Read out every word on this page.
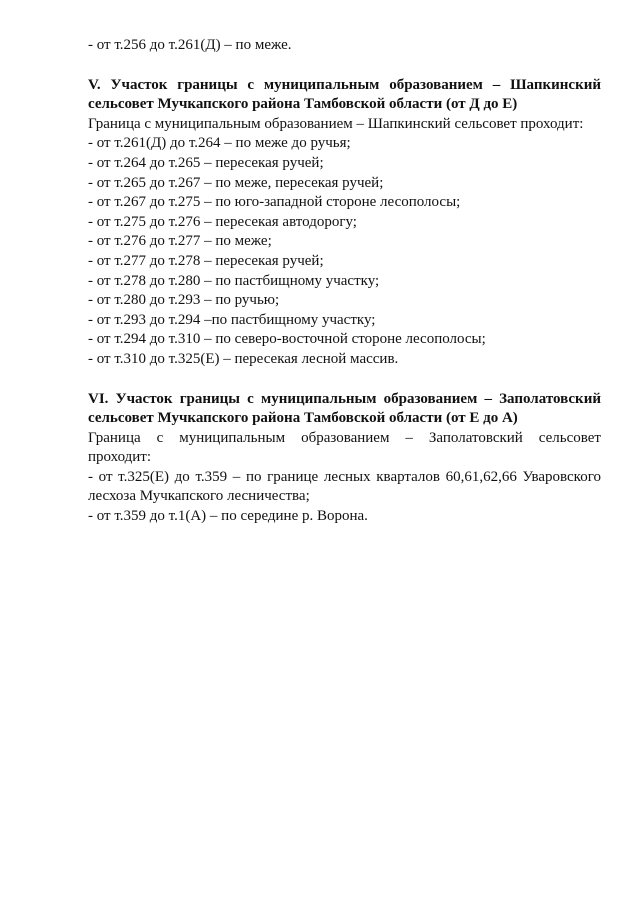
- от т.256 до т.261(Д) – по меже.
V. Участок границы с муниципальным образованием – Шапкинский
сельсовет Мучкапского района Тамбовской области (от Д до Е)
Граница с муниципальным образованием – Шапкинский сельсовет проходит:
- от т.261(Д) до т.264 – по меже до ручья;
- от т.264 до т.265 – пересекая ручей;
- от т.265 до т.267 – по меже, пересекая ручей;
- от т.267 до т.275 – по юго-западной стороне лесополосы;
- от т.275 до т.276 – пересекая автодорогу;
- от т.276 до т.277 – по меже;
- от т.277 до т.278 – пересекая ручей;
- от т.278 до т.280 – по пастбищному участку;
- от т.280 до т.293 – по ручью;
- от т.293 до т.294 –по пастбищному участку;
- от т.294 до т.310 – по северо-восточной стороне лесополосы;
- от т.310 до т.325(Е) – пересекая лесной массив.
VI. Участок границы с муниципальным образованием – Заполатовский
сельсовет Мучкапского района Тамбовской области (от Е до А)
Граница с муниципальным образованием – Заполатовский сельсовет
проходит:
- от т.325(Е) до т.359 – по границе лесных кварталов 60,61,62,66 Уваровского
лесхоза Мучкапского лесничества;
- от т.359 до т.1(А) – по середине р. Ворона.
